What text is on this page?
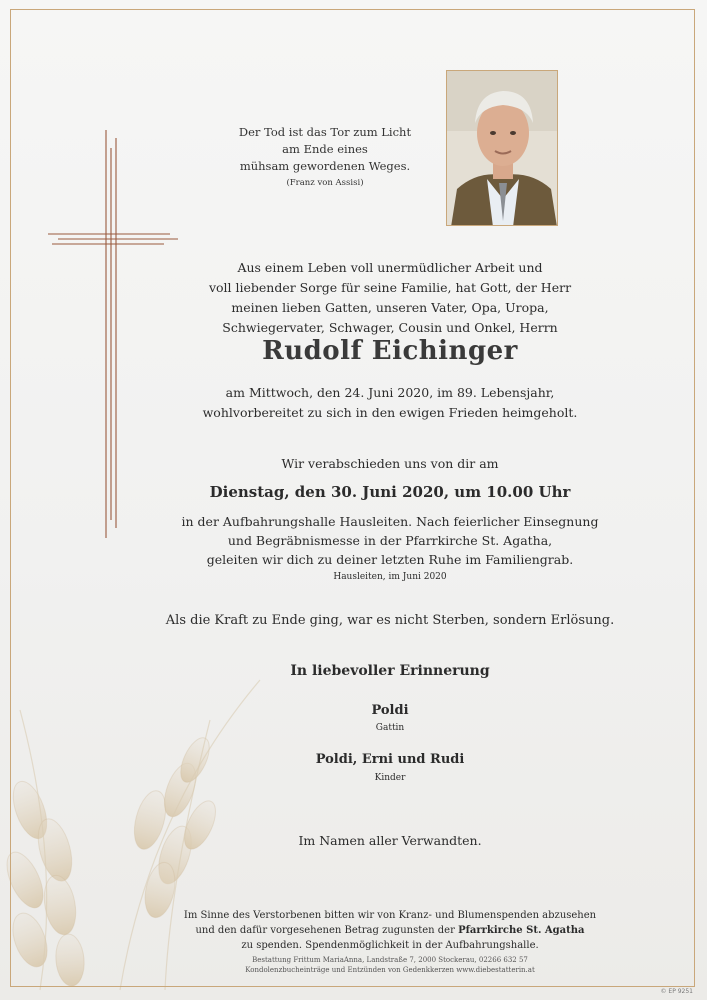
Der Tod ist das Tor zum Licht
am Ende eines
mühsam gewordenen Weges.
(Franz von Assisi)
Aus einem Leben voll unermüdlicher Arbeit und
voll liebender Sorge für seine Familie, hat Gott, der Herr
meinen lieben Gatten, unseren Vater, Opa, Uropa,
Schwiegervater, Schwager, Cousin und Onkel, Herrn
Rudolf Eichinger
am Mittwoch, den 24. Juni 2020, im 89. Lebensjahr,
wohlvorbereitet zu sich in den ewigen Frieden heimgeholt.
Wir verabschieden uns von dir am
Dienstag, den 30. Juni 2020, um 10.00 Uhr
in der Aufbahrungshalle Hausleiten. Nach feierlicher Einsegnung
und Begräbnismesse in der Pfarrkirche St. Agatha,
geleiten wir dich zu deiner letzten Ruhe im Familiengrab.
Hausleiten, im Juni 2020
Als die Kraft zu Ende ging, war es nicht Sterben, sondern Erlösung.
In liebevoller Erinnerung
Poldi
Gattin
Poldi, Erni und Rudi
Kinder
Im Namen aller Verwandten.
Im Sinne des Verstorbenen bitten wir von Kranz- und Blumenspenden abzusehen
und den dafür vorgesehenen Betrag zugunsten der Pfarrkirche St. Agatha
zu spenden. Spendenmöglichkeit in der Aufbahrungshalle.
Bestattung Frittum MariaAnna, Landstraße 7, 2000 Stockerau, 02266 632 57
Kondolenzbucheinträge und Entzünden von Gedenkkerzen www.diebestatterin.at
© EP 9251
